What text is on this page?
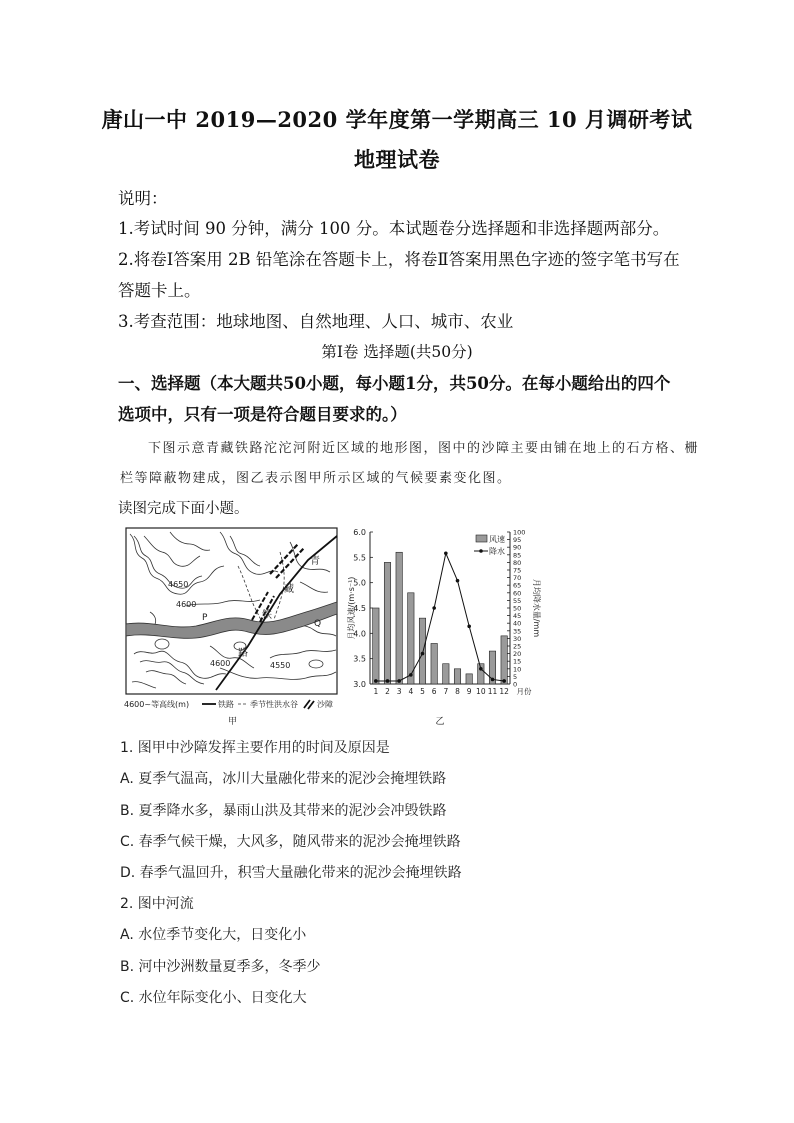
唐山一中 2019—2020 学年度第一学期高三 10 月调研考试
地理试卷
说明：
1.考试时间 90 分钟，满分 100 分。本试题卷分选择题和非选择题两部分。
2.将卷Ⅰ答案用 2B 铅笔涂在答题卡上，将卷Ⅱ答案用黑色字迹的签字笔书写在
答题卡上。
3.考查范围：地球地图、自然地理、人口、城市、农业
第Ⅰ卷 选择题(共50分)
一、选择题（本大题共50小题，每小题1分，共50分。在每小题给出的四个
选项中，只有一项是符合题目要求的。）
下图示意青藏铁路沱沱河附近区域的地形图，图中的沙障主要由铺在地上的石方格、栅
栏等障蔽物建成，图乙表示图甲所示区域的气候要素变化图。
读图完成下面小题。
4650
4600
4600	4550
P
Q
青
藏
铁
路
4600~等高线(m)	铁路 季节性洪水谷 沙障
甲
3.0
3.5
4.0
4.5
5.0
5.5
6.0
0
5
10
15
20
25
30
35
40
45
50
55
60
65
70
75
80
85
90
95
100
1 2 3 4 5 6 7 8 9 10 11 12 月份
月均风速/(m·s⁻¹)	月均降水量/mm
风速
降水
乙
1. 图甲中沙障发挥主要作用的时间及原因是
A. 夏季气温高，冰川大量融化带来的泥沙会掩埋铁路
B. 夏季降水多，暴雨山洪及其带来的泥沙会冲毁铁路
C. 春季气候干燥，大风多，随风带来的泥沙会掩埋铁路
D. 春季气温回升，积雪大量融化带来的泥沙会掩埋铁路
2. 图中河流
A. 水位季节变化大，日变化小
B. 河中沙洲数量夏季多，冬季少
C. 水位年际变化小、日变化大
